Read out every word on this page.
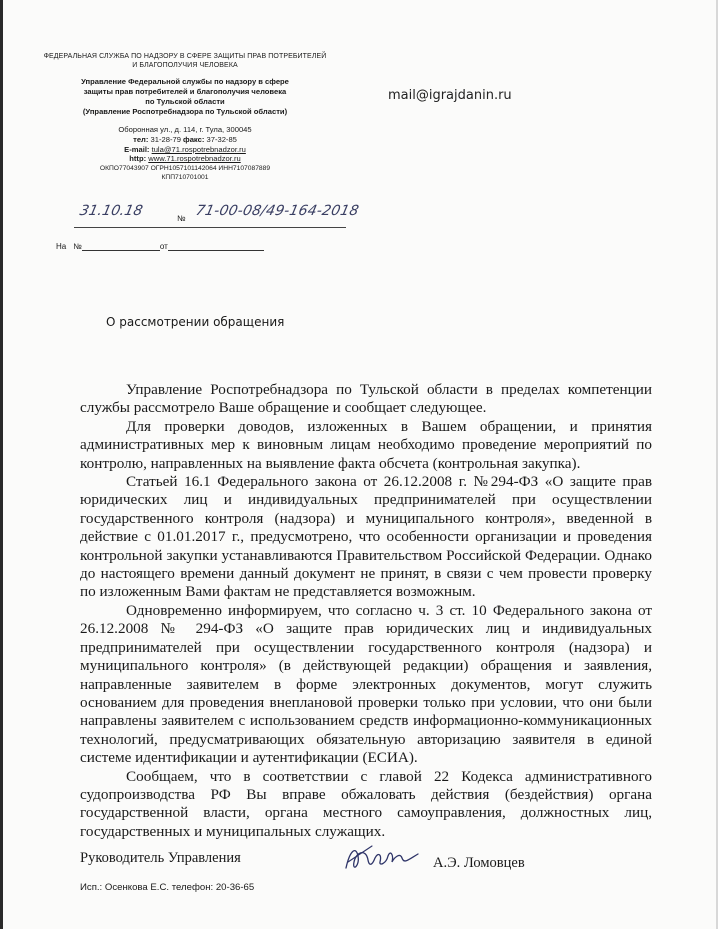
ФЕДЕРАЛЬНАЯ СЛУЖБА ПО НАДЗОРУ В СФЕРЕ ЗАЩИТЫ ПРАВ ПОТРЕБИТЕЛЕЙ И БЛАГОПОЛУЧИЯ ЧЕЛОВЕКА
Управление Федеральной службы по надзору в сфере
защиты прав потребителей и благополучия человека
по Тульской области
(Управление Роспотребнадзора по Тульской области)
Оборонная ул., д. 114, г. Тула, 300045
тел: 31-28-79 факс: 37-32-85
E-mail: tula@71.rospotrebnadzor.ru
http: www.71.rospotrebnadzor.ru
ОКПО77043907 ОГРН1057101142064 ИНН7107087889
КПП710701001
31.10.18	№ 71-00-08/49-164-2018
На №	от
mail@igrajdanin.ru
О рассмотрении обращения

Управление Роспотребнадзора по Тульской области в пределах компетенции службы рассмотрело Ваше обращение и сообщает следующее.

Для проверки доводов, изложенных в Вашем обращении, и принятия административных мер к виновным лицам необходимо проведение мероприятий по контролю, направленных на выявление факта обсчета (контрольная закупка).

Статьей 16.1 Федерального закона от 26.12.2008 г. №294-ФЗ «О защите прав юридических лиц и индивидуальных предпринимателей при осуществлении государственного контроля (надзора) и муниципального контроля», введенной в действие с 01.01.2017 г., предусмотрено, что особенности организации и проведения контрольной закупки устанавливаются Правительством Российской Федерации. Однако до настоящего времени данный документ не принят, в связи с чем провести проверку по изложенным Вами фактам не представляется возможным.

Одновременно информируем, что согласно ч. 3 ст. 10 Федерального закона от 26.12.2008 № 294-ФЗ «О защите прав юридических лиц и индивидуальных предпринимателей при осуществлении государственного контроля (надзора) и муниципального контроля» (в действующей редакции) обращения и заявления, направленные заявителем в форме электронных документов, могут служить основанием для проведения внеплановой проверки только при условии, что они были направлены заявителем с использованием средств информационно-коммуникационных технологий, предусматривающих обязательную авторизацию заявителя в единой системе идентификации и аутентификации (ЕСИА).

Сообщаем, что в соответствии с главой 22 Кодекса административного судопроизводства РФ Вы вправе обжаловать действия (бездействия) органа государственной власти, органа местного самоуправления, должностных лиц, государственных и муниципальных служащих.

Руководитель Управления	А.Э. Ломовцев
Исп.: Осенкова Е.С. телефон: 20-36-65
